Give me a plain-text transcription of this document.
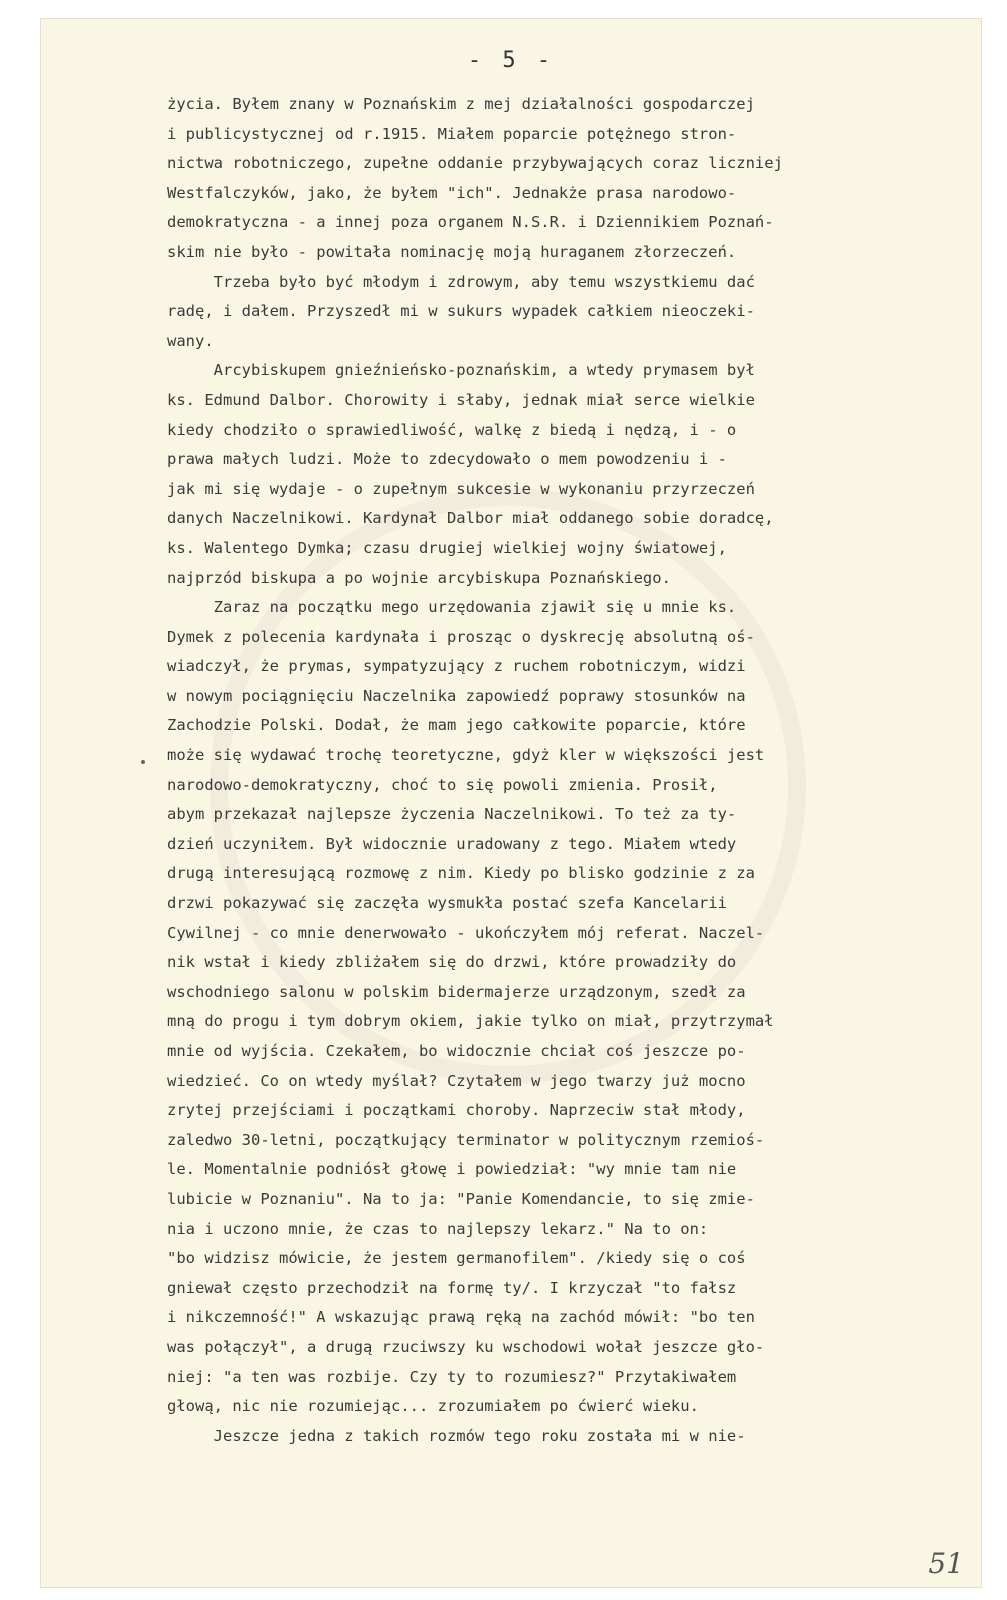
- 5 -
życia. Byłem znany w Poznańskim z mej działalności gospodarczej
i publicystycznej od r.1915. Miałem poparcie potężnego stron-
nictwa robotniczego, zupełne oddanie przybywających coraz liczniej
Westfalczyków, jako, że byłem "ich". Jednakże prasa narodowo-
demokratyczna - a innej poza organem N.S.R. i Dziennikiem Poznań-
skim nie było - powitała nominację moją huraganem złorzeczeń.
Trzeba było być młodym i zdrowym, aby temu wszystkiemu dać
radę, i dałem. Przyszedł mi w sukurs wypadek całkiem nieoczeki-
wany.
Arcybiskupem gnieźnieńsko-poznańskim, a wtedy prymasem był
ks. Edmund Dalbor. Chorowity i słaby, jednak miał serce wielkie
kiedy chodziło o sprawiedliwość, walkę z biedą i nędzą, i - o
prawa małych ludzi. Może to zdecydowało o mem powodzeniu i -
jak mi się wydaje - o zupełnym sukcesie w wykonaniu przyrzeczeń
danych Naczelnikowi. Kardynał Dalbor miał oddanego sobie doradcę,
ks. Walentego Dymka; czasu drugiej wielkiej wojny światowej,
najprzód biskupa a po wojnie arcybiskupa Poznańskiego.
Zaraz na początku mego urzędowania zjawił się u mnie ks.
Dymek z polecenia kardynała i prosząc o dyskrecję absolutną oś-
wiadczył, że prymas, sympatyzujący z ruchem robotniczym, widzi
w nowym pociągnięciu Naczelnika zapowiedź poprawy stosunków na
Zachodzie Polski. Dodał, że mam jego całkowite poparcie, które
może się wydawać trochę teoretyczne, gdyż kler w większości jest
narodowo-demokratyczny, choć to się powoli zmienia. Prosił,
abym przekazał najlepsze życzenia Naczelnikowi. To też za ty-
dzień uczyniłem. Był widocznie uradowany z tego. Miałem wtedy
drugą interesującą rozmowę z nim. Kiedy po blisko godzinie z za
drzwi pokazywać się zaczęła wysmukła postać szefa Kancelarii
Cywilnej - co mnie denerwowało - ukończyłem mój referat. Naczel-
nik wstał i kiedy zbliżałem się do drzwi, które prowadziły do
wschodniego salonu w polskim bidermajerze urządzonym, szedł za
mną do progu i tym dobrym okiem, jakie tylko on miał, przytrzymał
mnie od wyjścia. Czekałem, bo widocznie chciał coś jeszcze po-
wiedzieć. Co on wtedy myślał? Czytałem w jego twarzy już mocno
zrytej przejściami i początkami choroby. Naprzeciw stał młody,
zaledwo 30-letni, początkujący terminator w politycznym rzemioś-
le. Momentalnie podniósł głowę i powiedział: "wy mnie tam nie
lubicie w Poznaniu". Na to ja: "Panie Komendancie, to się zmie-
nia i uczono mnie, że czas to najlepszy lekarz." Na to on:
"bo widzisz mówicie, że jestem germanofilem". /kiedy się o coś
gniewał często przechodził na formę ty/. I krzyczał "to fałsz
i nikczemność!" A wskazując prawą ręką na zachód mówił: "bo ten
was połączył", a drugą rzuciwszy ku wschodowi wołał jeszcze gło-
niej: "a ten was rozbije. Czy ty to rozumiesz?" Przytakiwałem
głową, nic nie rozumiejąc... zrozumiałem po ćwierć wieku.
Jeszcze jedna z takich rozmów tego roku została mi w nie-
51
